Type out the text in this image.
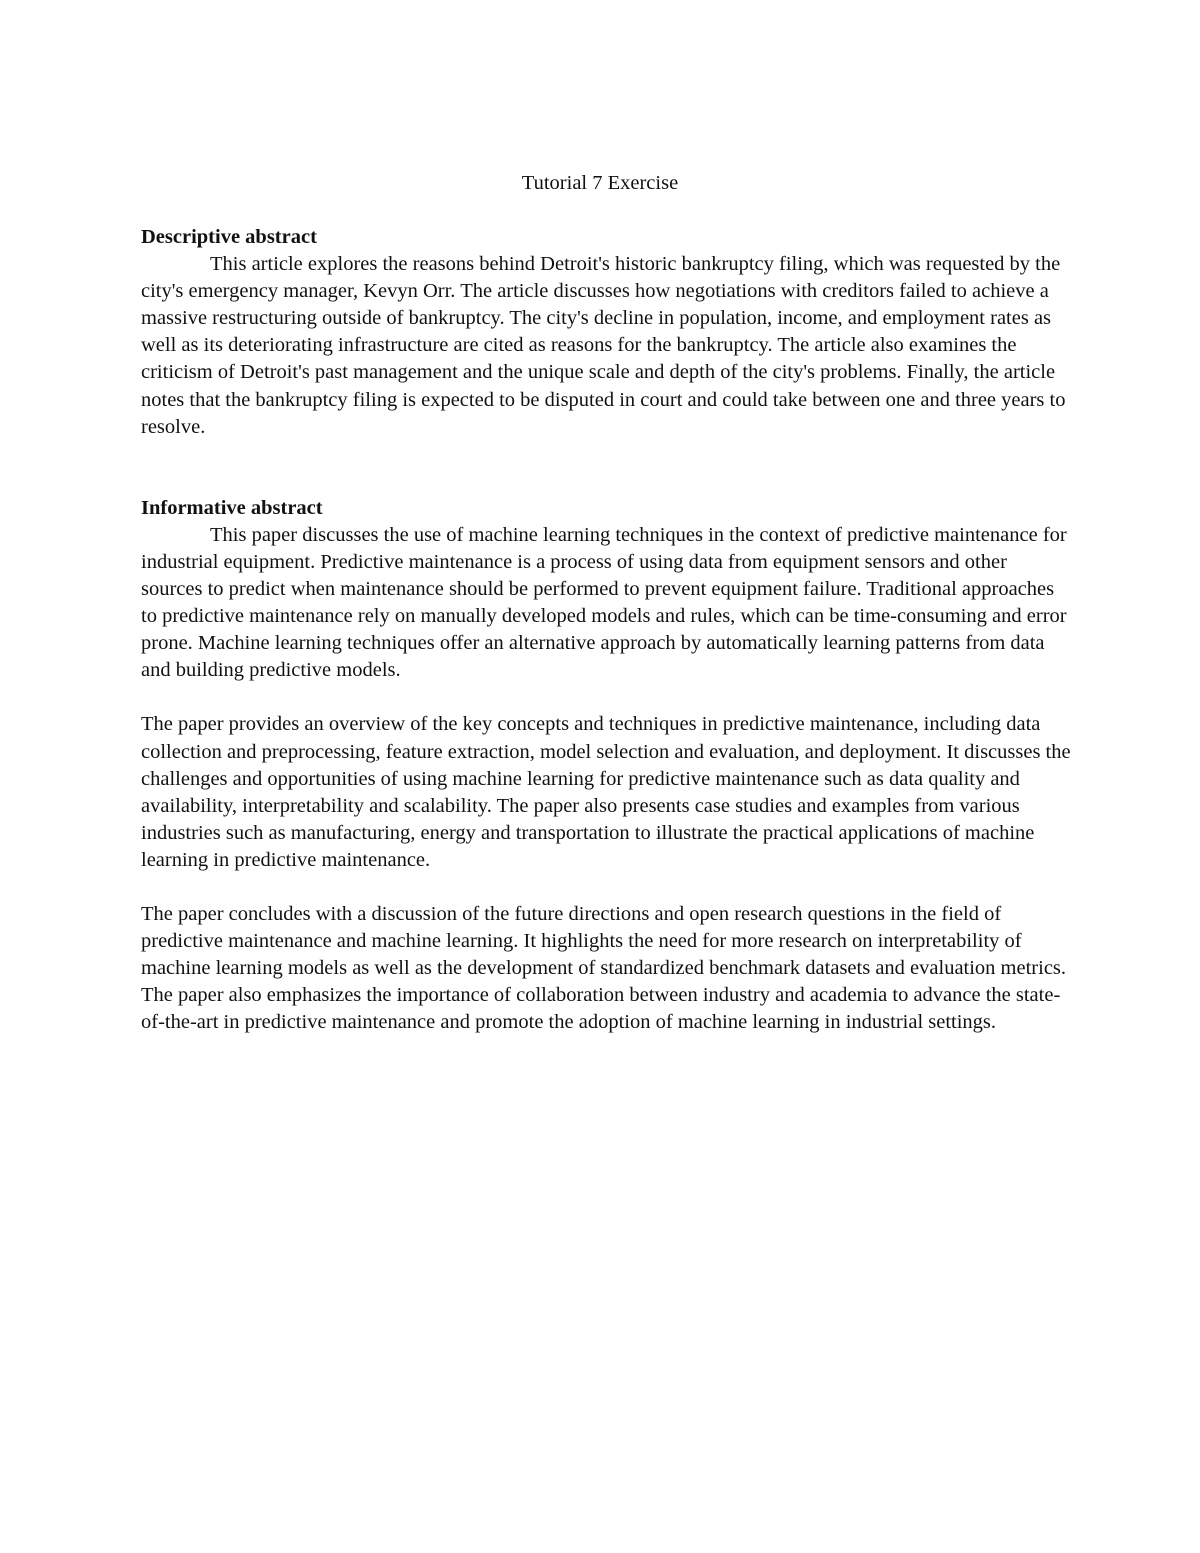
Tutorial 7 Exercise

Descriptive abstract

This article explores the reasons behind Detroit's historic bankruptcy filing, which was requested by the city's emergency manager, Kevyn Orr. The article discusses how negotiations with creditors failed to achieve a massive restructuring outside of bankruptcy. The city's decline in population, income, and employment rates as well as its deteriorating infrastructure are cited as reasons for the bankruptcy. The article also examines the criticism of Detroit's past management and the unique scale and depth of the city's problems. Finally, the article notes that the bankruptcy filing is expected to be disputed in court and could take between one and three years to resolve.

Informative abstract

This paper discusses the use of machine learning techniques in the context of predictive maintenance for industrial equipment. Predictive maintenance is a process of using data from equipment sensors and other sources to predict when maintenance should be performed to prevent equipment failure. Traditional approaches to predictive maintenance rely on manually developed models and rules, which can be time-consuming and error prone. Machine learning techniques offer an alternative approach by automatically learning patterns from data and building predictive models.

The paper provides an overview of the key concepts and techniques in predictive maintenance, including data collection and preprocessing, feature extraction, model selection and evaluation, and deployment. It discusses the challenges and opportunities of using machine learning for predictive maintenance such as data quality and availability, interpretability and scalability. The paper also presents case studies and examples from various industries such as manufacturing, energy and transportation to illustrate the practical applications of machine learning in predictive maintenance.

The paper concludes with a discussion of the future directions and open research questions in the field of predictive maintenance and machine learning. It highlights the need for more research on interpretability of machine learning models as well as the development of standardized benchmark datasets and evaluation metrics. The paper also emphasizes the importance of collaboration between industry and academia to advance the state-of-the-art in predictive maintenance and promote the adoption of machine learning in industrial settings.
